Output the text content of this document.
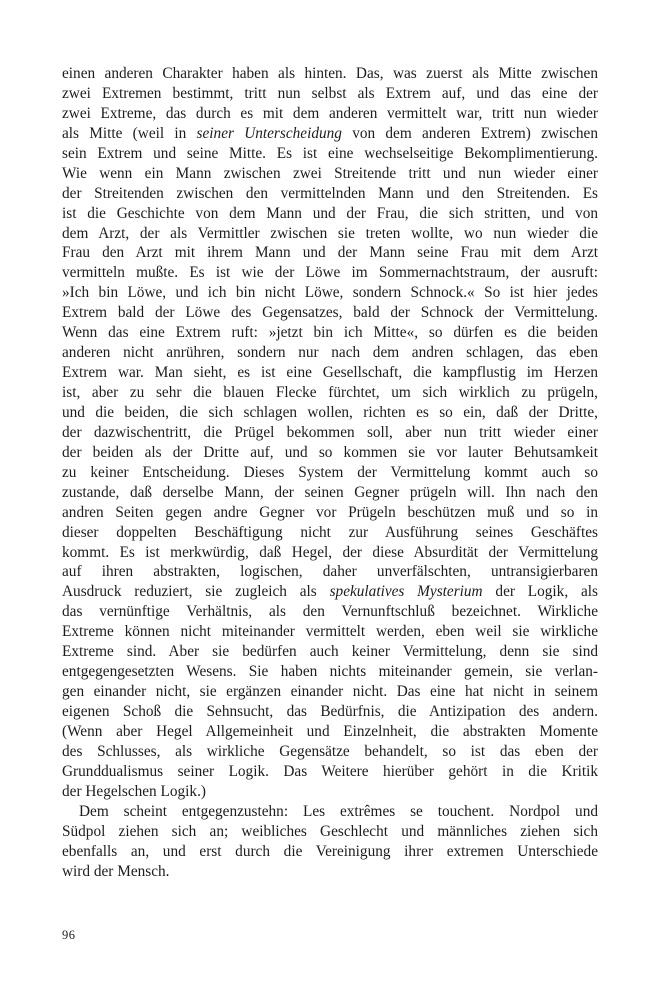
einen anderen Charakter haben als hinten. Das, was zuerst als Mitte zwischen
zwei Extremen bestimmt, tritt nun selbst als Extrem auf, und das eine der
zwei Extreme, das durch es mit dem anderen vermittelt war, tritt nun wieder
als Mitte (weil in seiner Unterscheidung von dem anderen Extrem) zwischen
sein Extrem und seine Mitte. Es ist eine wechselseitige Bekomplimentierung.
Wie wenn ein Mann zwischen zwei Streitende tritt und nun wieder einer
der Streitenden zwischen den vermittelnden Mann und den Streitenden. Es
ist die Geschichte von dem Mann und der Frau, die sich stritten, und von
dem Arzt, der als Vermittler zwischen sie treten wollte, wo nun wieder die
Frau den Arzt mit ihrem Mann und der Mann seine Frau mit dem Arzt
vermitteln mußte. Es ist wie der Löwe im Sommernachtstraum, der ausruft:
»Ich bin Löwe, und ich bin nicht Löwe, sondern Schnock.« So ist hier jedes
Extrem bald der Löwe des Gegensatzes, bald der Schnock der Vermittelung.
Wenn das eine Extrem ruft: »jetzt bin ich Mitte«, so dürfen es die beiden
anderen nicht anrühren, sondern nur nach dem andren schlagen, das eben
Extrem war. Man sieht, es ist eine Gesellschaft, die kampflustig im Herzen
ist, aber zu sehr die blauen Flecke fürchtet, um sich wirklich zu prügeln,
und die beiden, die sich schlagen wollen, richten es so ein, daß der Dritte,
der dazwischentritt, die Prügel bekommen soll, aber nun tritt wieder einer
der beiden als der Dritte auf, und so kommen sie vor lauter Behutsamkeit
zu keiner Entscheidung. Dieses System der Vermittelung kommt auch so
zustande, daß derselbe Mann, der seinen Gegner prügeln will. Ihn nach den
andren Seiten gegen andre Gegner vor Prügeln beschützen muß und so in
dieser doppelten Beschäftigung nicht zur Ausführung seines Geschäftes
kommt. Es ist merkwürdig, daß Hegel, der diese Absurdität der Vermittelung
auf ihren abstrakten, logischen, daher unverfälschten, untransigierbaren
Ausdruck reduziert, sie zugleich als spekulatives Mysterium der Logik, als
das vernünftige Verhältnis, als den Vernunftschluß bezeichnet. Wirkliche
Extreme können nicht miteinander vermittelt werden, eben weil sie wirkliche
Extreme sind. Aber sie bedürfen auch keiner Vermittelung, denn sie sind
entgegengesetzten Wesens. Sie haben nichts miteinander gemein, sie verlan-
gen einander nicht, sie ergänzen einander nicht. Das eine hat nicht in seinem
eigenen Schoß die Sehnsucht, das Bedürfnis, die Antizipation des andern.
(Wenn aber Hegel Allgemeinheit und Einzelnheit, die abstrakten Momente
des Schlusses, als wirkliche Gegensätze behandelt, so ist das eben der
Grunddualismus seiner Logik. Das Weitere hierüber gehört in die Kritik
der Hegelschen Logik.)
Dem scheint entgegenzustehn: Les extrêmes se touchent. Nordpol und
Südpol ziehen sich an; weibliches Geschlecht und männliches ziehen sich
ebenfalls an, und erst durch die Vereinigung ihrer extremen Unterschiede
wird der Mensch.
96
